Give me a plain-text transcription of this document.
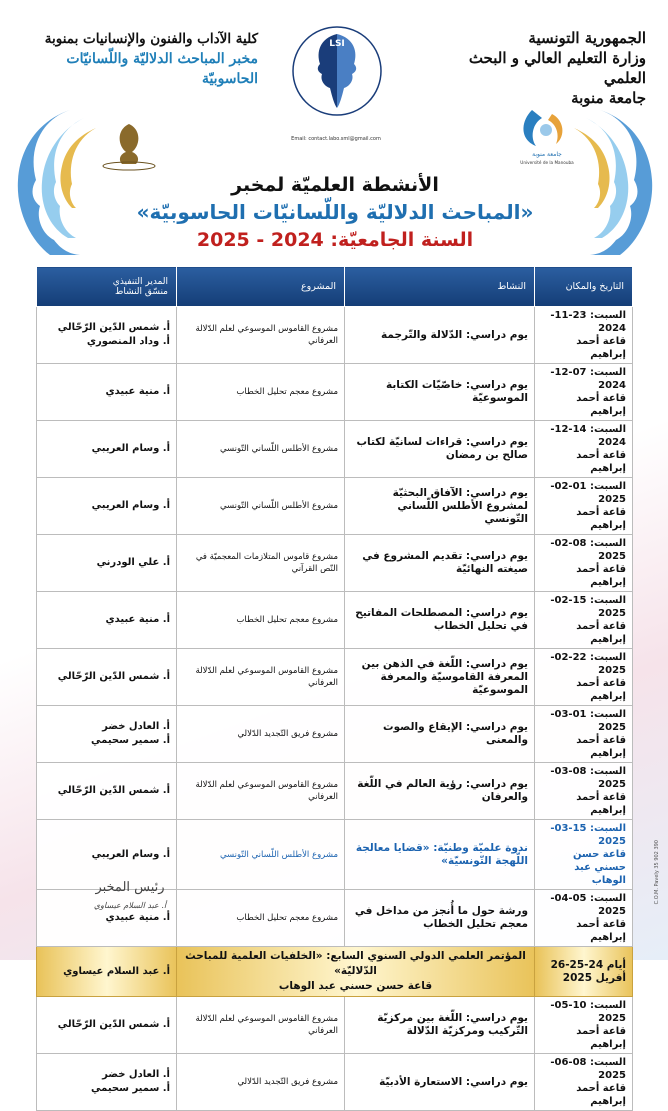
الجمهورية التونسية
وزارة التعليم العالي و البحث العلمي
جامعة منوبة
كلية الآداب والفنون والإنسانيات بمنوبة
مخبر المباحث الدلاليّة واللّسانيّات
الحاسوبيّة
LSI
Email: contact.labo.sml@gmail.com
جامعة منوبة
Université de la Manouba
الأنشطة العلميّة لمخبر
«المباحث الدلاليّة واللّسانيّات الحاسوبيّة»
السنة الجامعيّة: 2024 - 2025
التاريخ والمكان	النشاط	المشروع	المدير التنفيذي
منسّق النشاط

السبت: 23-11-2024
قاعة أحمد إبراهيم	يوم دراسي: الدّلالة والتّرجمة	مشروع القاموس الموسوعي لعلم الدّلالة العرفاني	أ. شمس الدّين الرّحّالي
أ. وداد المنصوري

السبت: 07-12-2024
قاعة أحمد إبراهيم	يوم دراسي: خاصّيّات الكتابة الموسوعيّة	مشروع معجم تحليل الخطاب	أ. منية عبيدي

السبت: 14-12-2024
قاعة أحمد إبراهيم	يوم دراسي: قراءات لسانيّة لكتاب صالح بن رمضان	مشروع الأطلس اللّساني التّونسي	أ. وسام العريبي

السبت: 01-02-2025
قاعة أحمد إبراهيم	يوم دراسي: الآفاق البحثيّة لمشروع الأطلس اللّساني التّونسي	مشروع الأطلس اللّساني التّونسي	أ. وسام العريبي

السبت: 08-02-2025
قاعة أحمد إبراهيم	يوم دراسي: تقديم المشروع في صيغته النهائيّة	مشروع قاموس المتلازمات المعجميّة في النّص القرآني	أ. علي الودرني

السبت: 15-02-2025
قاعة أحمد إبراهيم	يوم دراسي: المصطلحات المفاتيح في تحليل الخطاب	مشروع معجم تحليل الخطاب	أ. منية عبيدي

السبت: 22-02-2025
قاعة أحمد إبراهيم	يوم دراسي: اللّغة في الذهن بين المعرفة القاموسيّة والمعرفة الموسوعيّة	مشروع القاموس الموسوعي لعلم الدّلالة العرفاني	أ. شمس الدّين الرّحّالي

السبت: 01-03-2025
قاعة أحمد إبراهيم	يوم دراسي: الإيقاع والصوت والمعنى	مشروع فريق التّجديد الدّلالي	أ. العادل خضر
أ. سمير سحيمي

السبت: 08-03-2025
قاعة أحمد إبراهيم	يوم دراسي: رؤية العالم في اللّغة والعرفان	مشروع القاموس الموسوعي لعلم الدّلالة العرفاني	أ. شمس الدّين الرّحّالي

السبت: 15-03-2025
قاعة حسن حسني عبد الوهاب	ندوة علميّة وطنيّة: «قضايا معالجة اللّهجة التّونسيّة»	مشروع الأطلس اللّساني التّونسي	أ. وسام العريبي

السبت: 05-04-2025
قاعة أحمد إبراهيم	ورشة حول ما أُنجز من مداخل في معجم تحليل الخطاب	مشروع معجم تحليل الخطاب	أ. منية عبيدي

أيام 24-25-26
أفريل 2025	المؤتمر العلمي الدولي السنوي السابع: «الخلفيات العلمية للمباحث الدّلاليّة»
قاعة حسن حسني عبد الوهاب		أ. عبد السلام عيساوي

السبت: 10-05-2025
قاعة أحمد إبراهيم	يوم دراسي: اللّغة بين مركزيّة التّركيب ومركزيّة الدّلالة	مشروع القاموس الموسوعي لعلم الدّلالة العرفاني	أ. شمس الدّين الرّحّالي

السبت: 08-06-2025
قاعة أحمد إبراهيم	يوم دراسي: الاستعارة الأدبيّة	مشروع فريق التّجديد الدّلالي	أ. العادل خضر
أ. سمير سحيمي
رئيس المخبر
أ. عبد السلام عيساوي
C.O.M. Pavely 35 902 390
